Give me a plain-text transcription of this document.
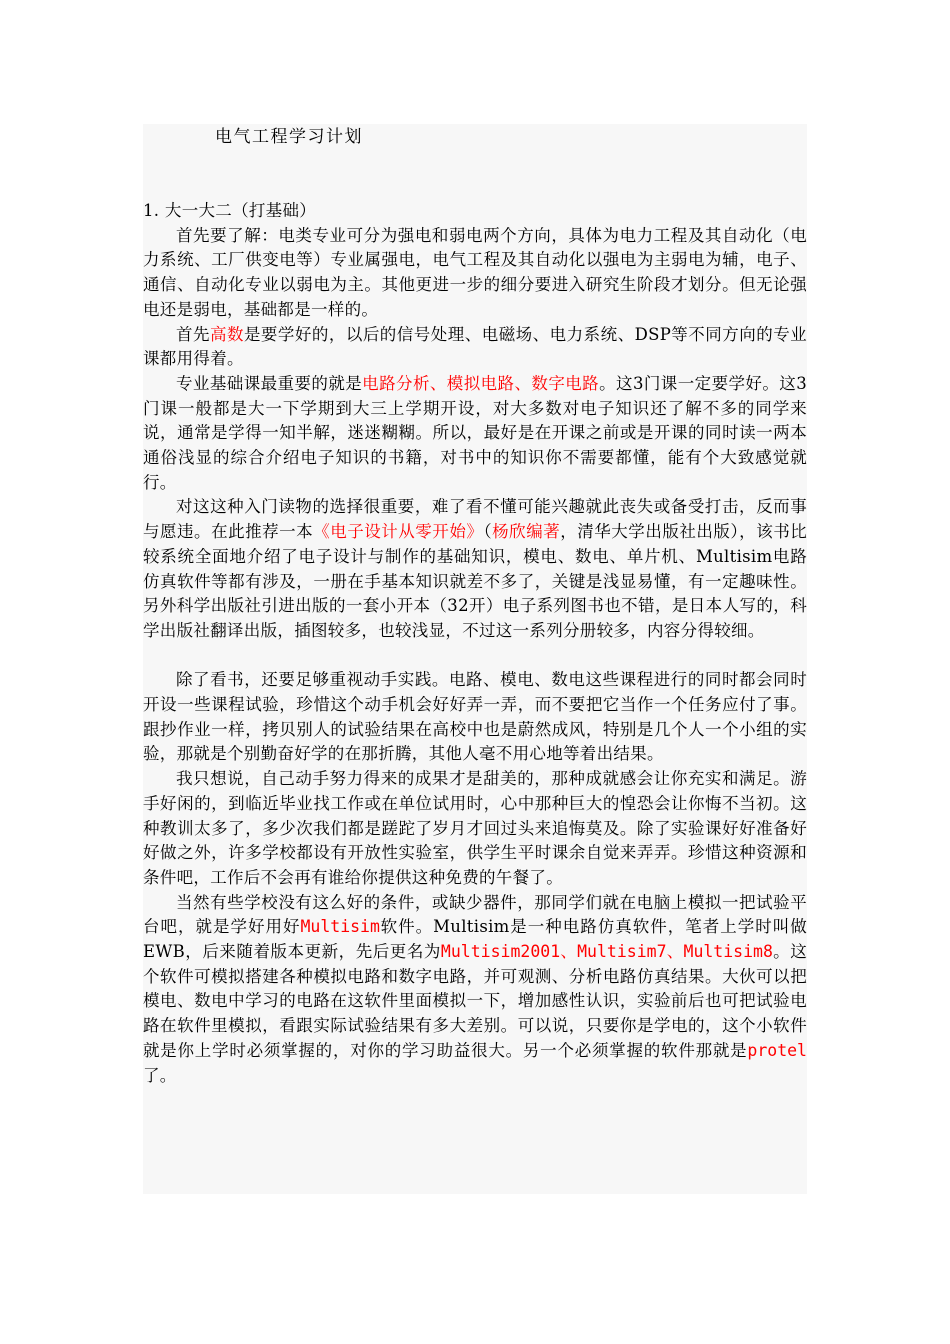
电气工程学习计划

1. 大一大二（打基础）

首先要了解：电类专业可分为强电和弱电两个方向，具体为电力工程及其自动化（电力系统、工厂供变电等）专业属强电，电气工程及其自动化以强电为主弱电为辅，电子、通信、自动化专业以弱电为主。其他更进一步的细分要进入研究生阶段才划分。但无论强电还是弱电，基础都是一样的。

首先高数是要学好的，以后的信号处理、电磁场、电力系统、DSP等不同方向的专业课都用得着。

专业基础课最重要的就是电路分析、模拟电路、数字电路。这3门课一定要学好。这3门课一般都是大一下学期到大三上学期开设，对大多数对电子知识还了解不多的同学来说，通常是学得一知半解，迷迷糊糊。所以，最好是在开课之前或是开课的同时读一两本通俗浅显的综合介绍电子知识的书籍，对书中的知识你不需要都懂，能有个大致感觉就行。

对这这种入门读物的选择很重要，难了看不懂可能兴趣就此丧失或备受打击，反而事与愿违。在此推荐一本《电子设计从零开始》（杨欣编著，清华大学出版社出版），该书比较系统全面地介绍了电子设计与制作的基础知识，模电、数电、单片机、Multisim电路仿真软件等都有涉及，一册在手基本知识就差不多了，关键是浅显易懂，有一定趣味性。另外科学出版社引进出版的一套小开本（32开）电子系列图书也不错，是日本人写的，科学出版社翻译出版，插图较多，也较浅显，不过这一系列分册较多，内容分得较细。

除了看书，还要足够重视动手实践。电路、模电、数电这些课程进行的同时都会同时开设一些课程试验，珍惜这个动手机会好好弄一弄，而不要把它当作一个任务应付了事。跟抄作业一样，拷贝别人的试验结果在高校中也是蔚然成风，特别是几个人一个小组的实验，那就是个别勤奋好学的在那折腾，其他人毫不用心地等着出结果。

我只想说，自己动手努力得来的成果才是甜美的，那种成就感会让你充实和满足。游手好闲的，到临近毕业找工作或在单位试用时，心中那种巨大的惶恐会让你悔不当初。这种教训太多了，多少次我们都是蹉跎了岁月才回过头来追悔莫及。除了实验课好好准备好好做之外，许多学校都设有开放性实验室，供学生平时课余自觉来弄弄。珍惜这种资源和条件吧，工作后不会再有谁给你提供这种免费的午餐了。

当然有些学校没有这么好的条件，或缺少器件，那同学们就在电脑上模拟一把试验平台吧，就是学好用好Multisim软件。Multisim是一种电路仿真软件，笔者上学时叫做EWB，后来随着版本更新，先后更名为Multisim2001、Multisim7、Multisim8。这个软件可模拟搭建各种模拟电路和数字电路，并可观测、分析电路仿真结果。大伙可以把模电、数电中学习的电路在这软件里面模拟一下，增加感性认识，实验前后也可把试验电路在软件里模拟，看跟实际试验结果有多大差别。可以说，只要你是学电的，这个小软件就是你上学时必须掌握的，对你的学习助益很大。另一个必须掌握的软件那就是protel了。
